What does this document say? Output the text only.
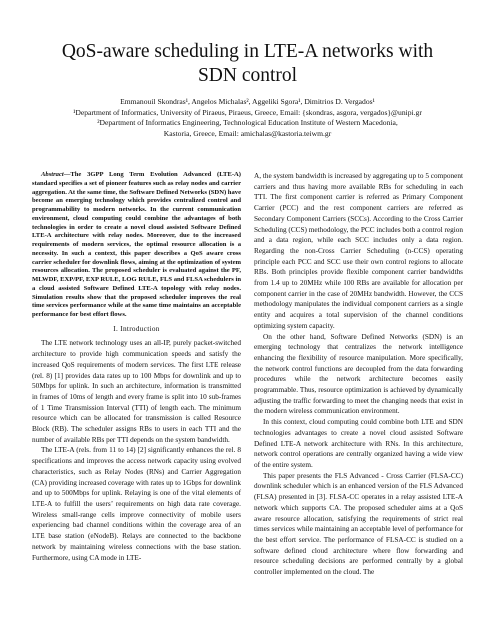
QoS-aware scheduling in LTE-A networks with
SDN control
Emmanouil Skondras¹, Angelos Michalas², Aggeliki Sgora¹, Dimitrios D. Vergados¹
¹Department of Informatics, University of Piraeus, Piraeus, Greece, Email: {skondras, asgora, vergados}@unipi.gr
²Department of Informatics Engineering, Technological Education Institute of Western Macedonia,
Kastoria, Greece, Email: amichalas@kastoria.teiwm.gr

Abstract—The 3GPP Long Term Evolution Advanced (LTE-A) standard specifies a set of pioneer features such as relay nodes and carrier aggregation. At the same time, the Software Defined Networks (SDN) have become an emerging technology which provides centralized control and programmability to modern networks. In the current communication environment, cloud computing could combine the advantages of both technologies in order to create a novel cloud assisted Software Defined LTE-A architecture with relay nodes. Moreover, due to the increased requirements of modern services, the optimal resource allocation is a necessity. In such a context, this paper describes a QoS aware cross carrier scheduler for downlink flows, aiming at the optimization of system resources allocation. The proposed scheduler is evaluated against the PF, MLWDF, EXP/PF, EXP RULE, LOG RULE, FLS and FLSA schedulers in a cloud assisted Software Defined LTE-A topology with relay nodes. Simulation results show that the proposed scheduler improves the real time services performance while at the same time maintains an acceptable performance for best effort flows.

I. Introduction

The LTE network technology uses an all-IP, purely packet-switched architecture to provide high communication speeds and satisfy the increased QoS requirements of modern services. The first LTE release (rel. 8) [1] provides data rates up to 100 Mbps for downlink and up to 50Mbps for uplink. In such an architecture, information is transmitted in frames of 10ms of length and every frame is split into 10 sub-frames of 1 Time Transmission Interval (TTI) of length each. The minimum resource which can be allocated for transmission is called Resource Block (RB). The scheduler assigns RBs to users in each TTI and the number of available RBs per TTI depends on the system bandwidth.

The LTE-A (rels. from 11 to 14) [2] significantly enhances the rel. 8 specifications and improves the access network capacity using evolved characteristics, such as Relay Nodes (RNs) and Carrier Aggregation (CA) providing increased coverage with rates up to 1Gbps for downlink and up to 500Mbps for uplink. Relaying is one of the vital elements of LTE-A to fulfill the users’ requirements on high data rate coverage. Wireless small-range cells improve connectivity of mobile users experiencing bad channel conditions within the coverage area of an LTE base station (eNodeB). Relays are connected to the backbone network by maintaining wireless connections with the base station. Furthermore, using CA mode in LTE-

A, the system bandwidth is increased by aggregating up to 5 component carriers and thus having more available RBs for scheduling in each TTI. The first component carrier is referred as Primary Component Carrier (PCC) and the rest component carriers are referred as Secondary Component Carriers (SCCs). According to the Cross Carrier Scheduling (CCS) methodology, the PCC includes both a control region and a data region, while each SCC includes only a data region. Regarding the non-Cross Carrier Scheduling (n-CCS) operating principle each PCC and SCC use their own control regions to allocate RBs. Both principles provide flexible component carrier bandwidths from 1.4 up to 20MHz while 100 RBs are available for allocation per component carrier in the case of 20MHz bandwidth. However, the CCS methodology manipulates the individual component carriers as a single entity and acquires a total supervision of the channel conditions optimizing system capacity.

On the other hand, Software Defined Networks (SDN) is an emerging technology that centralizes the network intelligence enhancing the flexibility of resource manipulation. More specifically, the network control functions are decoupled from the data forwarding procedures while the network architecture becomes easily programmable. Thus, resource optimization is achieved by dynamically adjusting the traffic forwarding to meet the changing needs that exist in the modern wireless communication environment.

In this context, cloud computing could combine both LTE and SDN technologies advantages to create a novel cloud assisted Software Defined LTE-A network architecture with RNs. In this architecture, network control operations are centrally organized having a wide view of the entire system.

This paper presents the FLS Advanced - Cross Carrier (FLSA-CC) downlink scheduler which is an enhanced version of the FLS Advanced (FLSA) presented in [3]. FLSA-CC operates in a relay assisted LTE-A network which supports CA. The proposed scheduler aims at a QoS aware resource allocation, satisfying the requirements of strict real times services while maintaining an acceptable level of performance for the best effort service. The performance of FLSA-CC is studied on a software defined cloud architecture where flow forwarding and resource scheduling decisions are performed centrally by a global controller implemented on the cloud. The
